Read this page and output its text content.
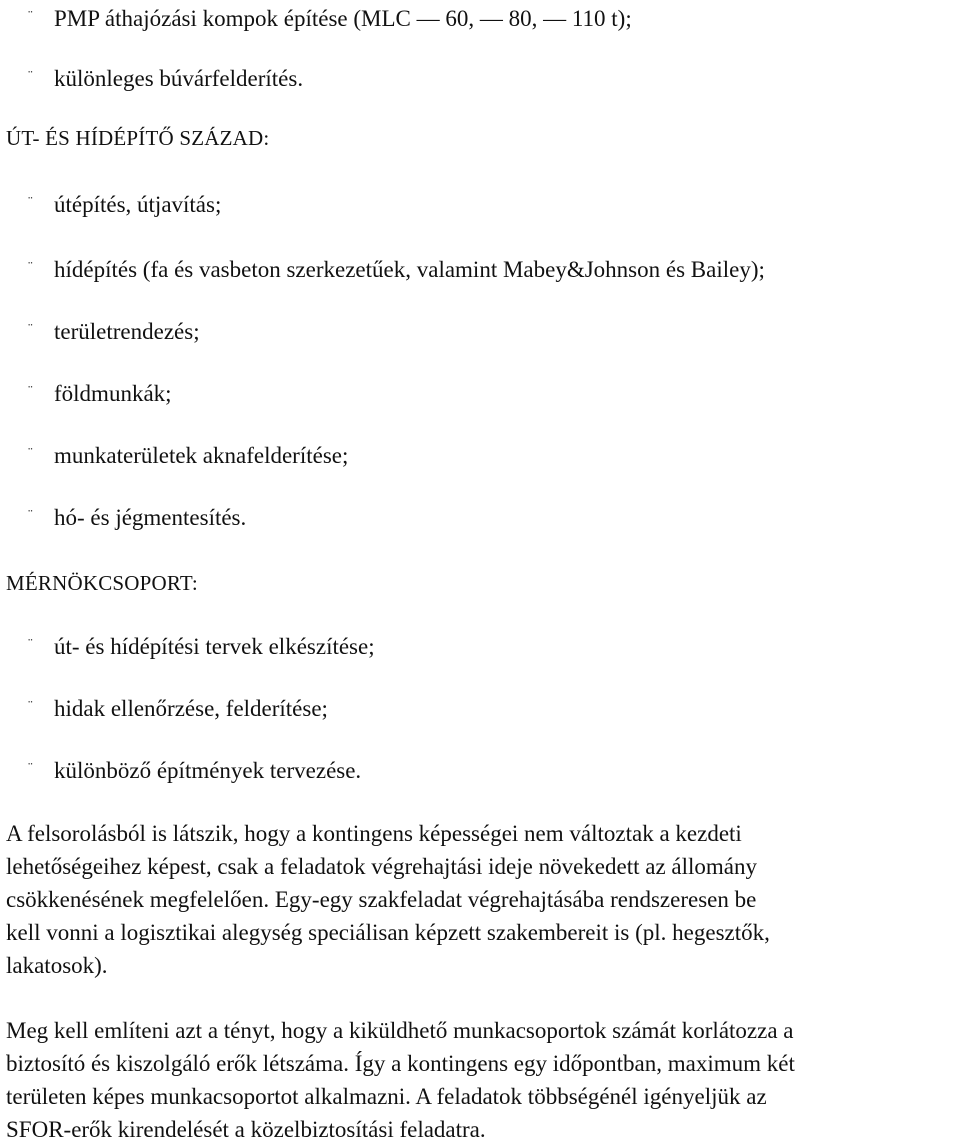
¨ PMP áthajózási kompok építése (MLC — 60, — 80, — 110 t);
¨ különleges búvárfelderítés.
ÚT- ÉS HÍDÉPÍTŐ SZÁZAD:
¨ útépítés, útjavítás;
¨ hídépítés (fa és vasbeton szerkezetűek, valamint Mabey&Johnson és Bailey);
¨ területrendezés;
¨ földmunkák;
¨ munkaterületek aknafelderítése;
¨ hó- és jégmentesítés.
MÉRNÖKCSOPORT:
¨ út- és hídépítési tervek elkészítése;
¨ hidak ellenőrzése, felderítése;
¨ különböző építmények tervezése.
A felsorolásból is látszik, hogy a kontingens képességei nem változtak a kezdeti
lehetőségeihez képest, csak a feladatok végrehajtási ideje növekedett az állomány
csökkenésének megfelelően. Egy-egy szakfeladat végrehajtásába rendszeresen be
kell vonni a logisztikai alegység speciálisan képzett szakembereit is (pl. hegesztők,
lakatosok).
Meg kell említeni azt a tényt, hogy a kiküldhető munkacsoportok számát korlátozza a
biztosító és kiszolgáló erők létszáma. Így a kontingens egy időpontban, maximum két
területen képes munkacsoportot alkalmazni. A feladatok többségénél igényeljük az
SFOR-erők kirendelését a közelbiztosítási feladatra.
